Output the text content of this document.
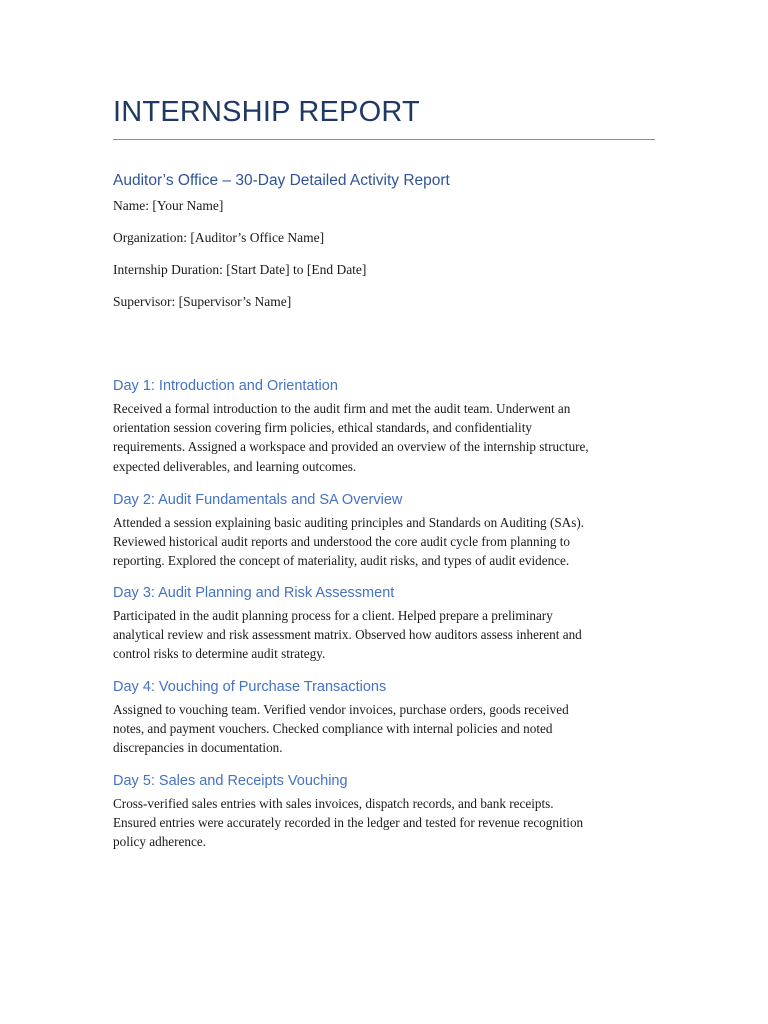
INTERNSHIP REPORT
Auditor’s Office – 30-Day Detailed Activity Report
Name: [Your Name]
Organization: [Auditor’s Office Name]
Internship Duration: [Start Date] to [End Date]
Supervisor: [Supervisor’s Name]
Day 1: Introduction and Orientation

Received a formal introduction to the audit firm and met the audit team. Underwent an
orientation session covering firm policies, ethical standards, and confidentiality
requirements. Assigned a workspace and provided an overview of the internship structure,
expected deliverables, and learning outcomes.

Day 2: Audit Fundamentals and SA Overview

Attended a session explaining basic auditing principles and Standards on Auditing (SAs).
Reviewed historical audit reports and understood the core audit cycle from planning to
reporting. Explored the concept of materiality, audit risks, and types of audit evidence.

Day 3: Audit Planning and Risk Assessment

Participated in the audit planning process for a client. Helped prepare a preliminary
analytical review and risk assessment matrix. Observed how auditors assess inherent and
control risks to determine audit strategy.

Day 4: Vouching of Purchase Transactions

Assigned to vouching team. Verified vendor invoices, purchase orders, goods received
notes, and payment vouchers. Checked compliance with internal policies and noted
discrepancies in documentation.

Day 5: Sales and Receipts Vouching

Cross-verified sales entries with sales invoices, dispatch records, and bank receipts.
Ensured entries were accurately recorded in the ledger and tested for revenue recognition
policy adherence.
